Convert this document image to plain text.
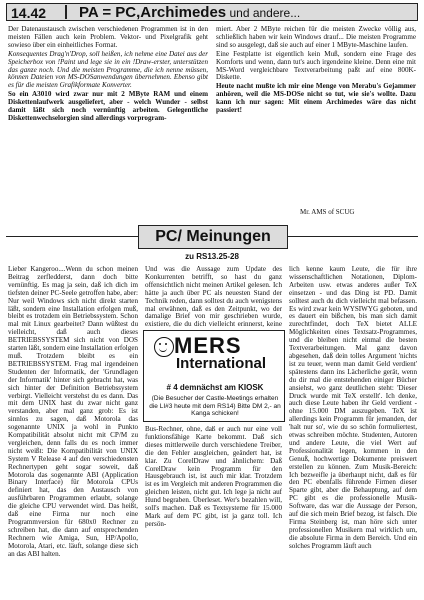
14.42 PA = PC,Archimedes und andere...

Der Datenaustausch zwischen verschiedenen Programmen ist in den meisten Fällen auch kein Problem. Vektor- und Pixelgrafik geht sowieso über ein einheitliches Format.

Konsequentes Drag'n'Drop, soll heißen, ich nehme eine Datei aus der Speicherbox von !Paint und lege sie in ein !Draw-erster, unterstützen das ganze noch. Und die meisten Programme, die ich nenne müssen, können Dateien von MS-DOSanwendungen übernehmen. Ebenso gibt es für die meisten Grafikformate Konverter.

So ein A3010 wird zwar nur mit 2 MByte RAM und einem Diskettenlaufwerk ausgeliefert, aber - welch Wunder - selbst damit läßt sich noch vernünftig arbeiten. Gelegentliche Diskettenwechselorgien sind allerdings vorprogram-

miert. Aber 2 MByte reichen für die meisten Zwecke völlig aus, schließlich haben wir kein Windows drauf... Die meisten Programme sind so ausgelegt, daß sie auch auf einer 1 MByte-Maschine laufen.

Eine Festplatte ist eigentlich kein Muß, sondern eine Frage des Komforts und wenn, dann tut's auch irgendeine kleine. Denn eine mit MS-Word vergleichbare Textverarbeitung paßt auf eine 800K-Diskette.

Heute nacht mußte ich mir eine Menge von Merabu's Gejammer anhören, weil die MS-DOSe nicht so tut, wie sie's wollte. Dazu kann ich nur sagen: Mit einem Archimedes wäre das nicht passiert!

Mr. AMS of SCUG
PC/ Meinungen
zu RS13.25-28

Lieber Kangeroo....Wenn du schon meinen Beitrag zerfledderst, dann doch bitte vernünftig. Es mag ja sein, daß ich dich im tiefsten deiner PC-Seele getroffen habe, aber: Nur weil Windows sich nicht direkt starten läßt, sondern eine Installation erfolgen muß, bleibt es trotzdem ein Betriebssystem. Schon mal mit Linux gearbeitet? Dann wüßtest du vielleicht, daß auch dieses BETRIEBSSYSTEM sich nicht von DOS starten läßt, sondern eine Installation erfolgen muß. Trotzdem bleibt es ein BETRIEBSSYSTEM. Frag mal irgendeinen Studenten der Informatik, der 'Grundlagen der Informatik' hinter sich gebracht hat, was sich hinter der Definition Betriebssystem verbirgt. Vielleicht verstehst du es dann. Das mit dem UNIX hast du zwar nicht ganz verstanden, aber mal ganz grob: Es ist sinnlos zu sagen, daß Motorola das sogenannte UNIX ja wohl in Punkto Kompatibilität absolut nicht mit CP/M zu vergleichen, denn falls du es noch immer nicht weißt: Die Kompatibilität von UNIX System V Release 4 auf den verschiedensten Rechnertypen geht sogar soweit, daß Motorola das sogenannte ABI (Application Binary Interface) für Motorola CPUs definiert hat, das den Austausch von ausführbaren Programmen erlaubt, solange die gleiche CPU verwendet wird. Das heißt, daß eine Firma nur noch eine Programmversion für 680x0 Rechner zu schreiben hat, die dann auf entsprechenden Rechnern wie Amiga, Sun, HP/Apollo, Motorola, Atari, etc. läuft, solange diese sich an das ABI halten.

Und was die Aussage zum Update des Konkurrenten betrifft, so hast du ganz offensichtlich nicht meinen Artikel gelesen. Ich hätte ja auch über PC als neuesten Stand der Technik reden, dann solltest du auch wenigstens mal erwähnen, daß es den Zeitpunkt, wo der damalige Brief von mir geschrieben wurde, existiere, die du dich vielleicht erinnerst, keine

MERS
International
# 4 demnächst am KIOSK
(Die Besucher der Castle-Meetings erhalten die LI#3 heute mit dem RS14) Bitte DM 2,- an Kanga schicken!

Bus-Rechner, ohne, daß er auch nur eine voll funktionsfähige Karte bekommt. Daß sich dieses mittlerweile durch verschiedene Treiber, die den Fehler ausgleichen, geändert hat, ist klar. Zu CorelDraw und ähnlichem: Daß CorelDraw kein Programm für den Hausgebrauch ist, ist auch mir klar. Trotzdem ist es im Vergleich mit anderen Programmen die gleichen leisten, nicht gut. Ich lege ja nicht auf Hund begraben. Überleset. Wer's bezahlen will, soll's machen. Daß es Textsysteme für 15.000 Mark auf dem PC gibt, ist ja ganz toll. Ich persön-

lich kenne kaum Leute, die für ihre wissenschaftlichen Notationen, Diplom- Arbeiten usw. etwas anderes außer TeX einsetzen - und das Ding ist PD. Damit solltest auch du dich vielleicht mal befassen. Es wird zwar kein WYSIWYG geboten, und es dauert ein bißchen, bis man sich damit zurechtfindet, doch TeX bietet ALLE Möglichkeiten eines Textsatz-Programmes, und die bleiben nicht einmal die besten Textverarbeitungen. Mal ganz davon abgesehen, daß dein tolles Argument 'nichts ist zu teuer, wenn man damit Geld verdient' spätestens dann ins Lächerliche gerät, wenn du dir mal die entstehenden einiger Bücher ansiehst, wo ganz deutlichen steht: 'Dieser Druck wurde mit TeX erstellt'. Ich denke, auch diese Leute haben ihr Geld verdient - ohne 15.000 DM auszugeben. TeX ist allerdings kein Programm für jemanden, der 'halt nur so', wie du so schön formuliertest, etwas schreiben möchte. Studenten, Autoren und andere Leute, die viel Wert auf Professionalität legen, kommen in den Genuß, hochwertige Dokumente preiswert erstellen zu können. Zum Musik-Bereich: Ich bezweifle ja überhaupt nicht, daß es für den PC ebenfalls führende Firmen dieser Sparte gibt, aber die Behauptung, auf dem PC gibt es die professionelle Musik-Software, das war die Aussage der Person, auf die sich mein Brief bezog, ist falsch. Die Firma Steinberg ist, man höre sich unter professionellen Musikern mal wirklich um, die absolute Firma in dem Bereich. Und ein solches Programm läuft auch
